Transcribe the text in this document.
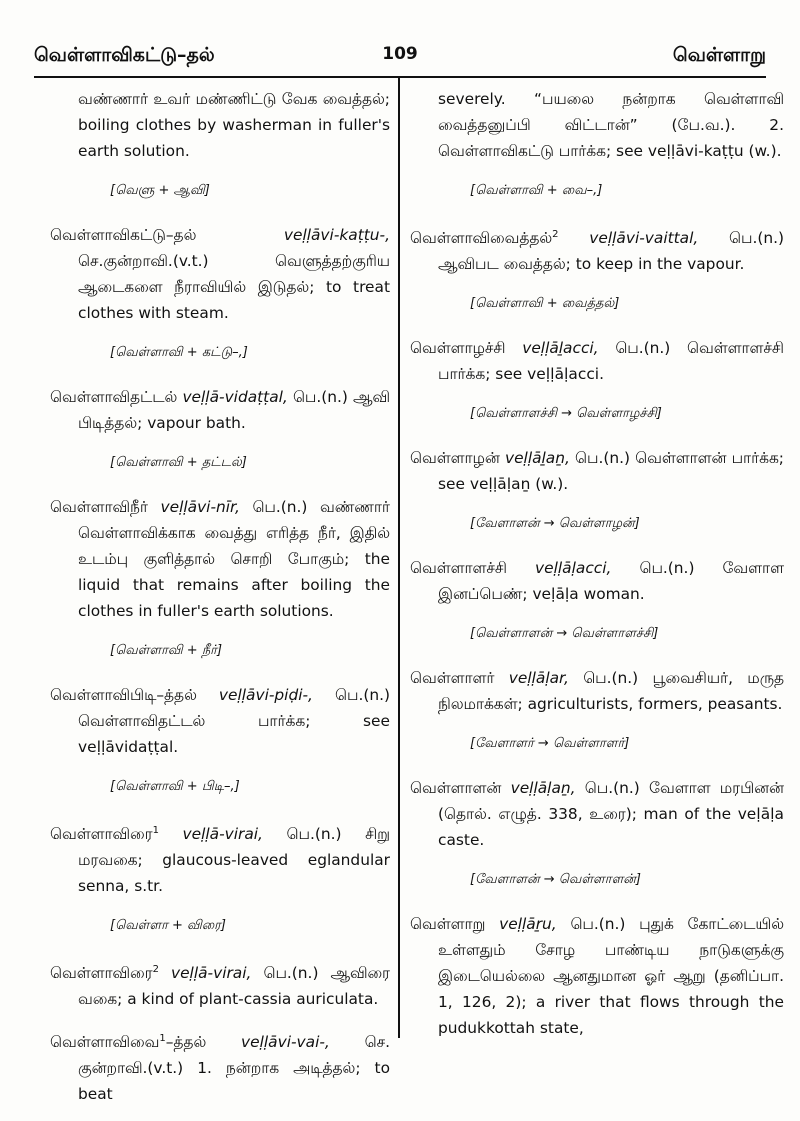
வெள்ளாவிகட்டு–தல்	109	வெள்ளாறு
வண்ணார் உவர் மண்ணிட்டு வேக வைத்தல்; boiling clothes by washerman in fuller's earth solution.
[வெளு + ஆவி]
வெள்ளாவிகட்டு–தல்	veḷḷāvi-kaṭṭu-, செ.குன்றாவி.(v.t.) வெளுத்தற்குரிய ஆடைகளை நீராவியில் இடுதல்; to treat clothes with steam.
[வெள்ளாவி + கட்டு–,]
வெள்ளாவிதட்டல் veḷḷā-vidaṭṭal, பெ.(n.) ஆவி பிடித்தல்; vapour bath.
[வெள்ளாவி + தட்டல்]
வெள்ளாவிநீர் veḷḷāvi-nīr, பெ.(n.) வண்ணார் வெள்ளாவிக்காக வைத்து எரித்த நீர், இதில் உடம்பு குளித்தால் சொறி போகும்; the liquid that remains after boiling the clothes in fuller's earth solutions.
[வெள்ளாவி + நீர்]
வெள்ளாவிபிடி–த்தல் veḷḷāvi-piḍi-, பெ.(n.) வெள்ளாவிதட்டல் பார்க்க; see veḷḷāvidaṭṭal.
[வெள்ளாவி + பிடி–,]
வெள்ளாவிரை$^1$ veḷḷā-virai, பெ.(n.) சிறு மரவகை; glaucous-leaved eglandular senna, s.tr.
[வெள்ளா + விரை]
வெள்ளாவிரை$^2$ veḷḷā-virai, பெ.(n.) ஆவிரை வகை; a kind of plant-cassia auriculata.
வெள்ளாவிவை$^1$–த்தல் veḷḷāvi-vai-, செ. குன்றாவி.(v.t.) 1. நன்றாக அடித்தல்; to beat
severely. “பயலை நன்றாக வெள்ளாவி வைத்தனுப்பி விட்டான்” (பே.வ.). 2. வெள்ளாவிகட்டு பார்க்க; see veḷḷāvi-kaṭṭu (w.).
[வெள்ளாவி + வை–,]
வெள்ளாவிவைத்தல்$^2$ veḷḷāvi-vaittal, பெ.(n.) ஆவிபட வைத்தல்; to keep in the vapour.
[வெள்ளாவி + வைத்தல்]
வெள்ளாழச்சி veḷḷāḻacci, பெ.(n.) வெள்ளாளச்சி பார்க்க; see veḷḷāḷacci.
[வெள்ளாளச்சி → வெள்ளாழச்சி]
வெள்ளாழன் veḷḷāḻaṉ, பெ.(n.) வெள்ளாளன் பார்க்க; see veḷḷāḷaṉ (w.).
[வேளாளன் → வெள்ளாழன்]
வெள்ளாளச்சி veḷḷāḷacci, பெ.(n.) வேளாள இனப்பெண்; veḷāḷa woman.
[வெள்ளாளன் → வெள்ளாளச்சி]
வெள்ளாளர் veḷḷāḷar, பெ.(n.) பூவைசியர், மருத நிலமாக்கள்; agriculturists, formers, peasants.
[வேளாளர் → வெள்ளாளர்]
வெள்ளாளன் veḷḷāḷaṉ, பெ.(n.) வேளாள மரபினன் (தொல். எழுத். 338, உரை); man of the veḷāḷa caste.
[வேளாளன் → வெள்ளாளன்]
வெள்ளாறு veḷḷāṟu, பெ.(n.) புதுக் கோட்டையில் உள்ளதும் சோழ பாண்டிய நாடுகளுக்கு இடையெல்லை ஆனதுமான ஓர் ஆறு (தனிப்பா. 1, 126, 2); a river that flows through the pudukkottah state,
